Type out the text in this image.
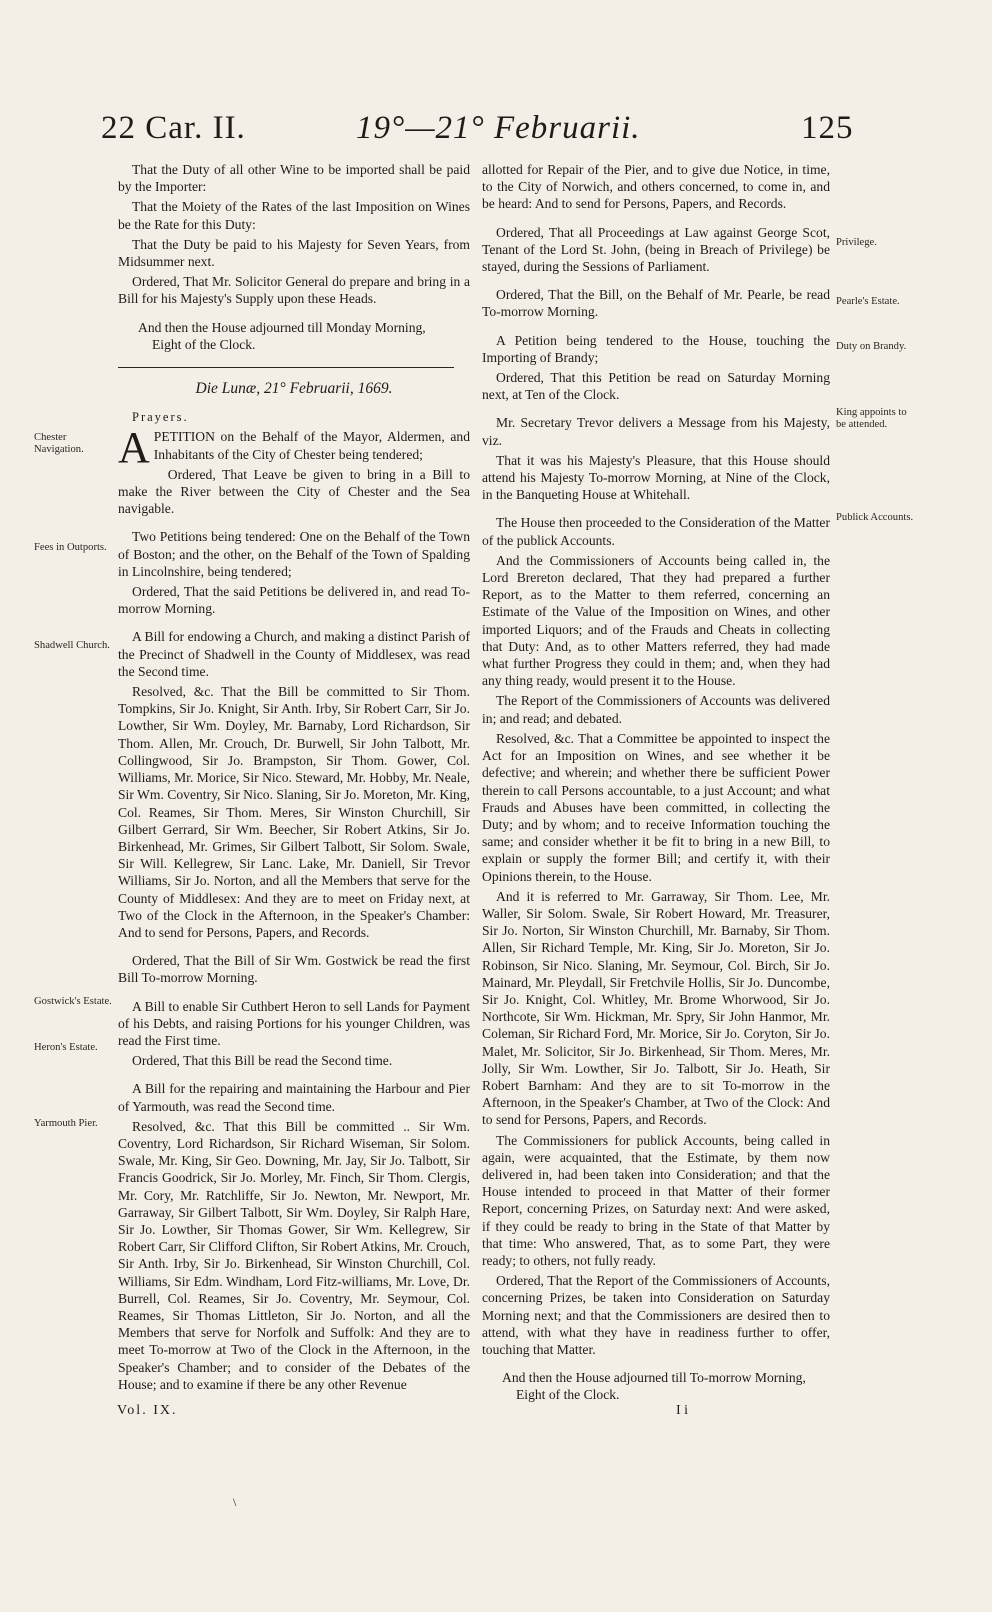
22 Car. II.	19°—21° Februarii.	125

That the Duty of all other Wine to be imported shall be paid by the Importer:

That the Moiety of the Rates of the last Imposition on Wines be the Rate for this Duty:

That the Duty be paid to his Majesty for Seven Years, from Midsummer next.

Ordered, That Mr. Solicitor General do prepare and bring in a Bill for his Majesty's Supply upon these Heads.

And then the House adjourned till Monday Morning, Eight of the Clock.

Die Lunæ, 21° Februarii, 1669.
Prayers.

APETITION on the Behalf of the Mayor, Aldermen, and Inhabitants of the City of Chester being tendered;

Ordered, That Leave be given to bring in a Bill to make the River between the City of Chester and the Sea navigable.

Two Petitions being tendered: One on the Behalf of the Town of Boston; and the other, on the Behalf of the Town of Spalding in Lincolnshire, being tendered;

Ordered, That the said Petitions be delivered in, and read To-morrow Morning.

A Bill for endowing a Church, and making a distinct Parish of the Precinct of Shadwell in the County of Middlesex, was read the Second time.

Resolved, &c. That the Bill be committed to Sir Thom. Tompkins, Sir Jo. Knight, Sir Anth. Irby, Sir Robert Carr, Sir Jo. Lowther, Sir Wm. Doyley, Mr. Barnaby, Lord Richardson, Sir Thom. Allen, Mr. Crouch, Dr. Burwell, Sir John Talbott, Mr. Collingwood, Sir Jo. Brampston, Sir Thom. Gower, Col. Williams, Mr. Morice, Sir Nico. Steward, Mr. Hobby, Mr. Neale, Sir Wm. Coventry, Sir Nico. Slaning, Sir Jo. Moreton, Mr. King, Col. Reames, Sir Thom. Meres, Sir Winston Churchill, Sir Gilbert Gerrard, Sir Wm. Beecher, Sir Robert Atkins, Sir Jo. Birkenhead, Mr. Grimes, Sir Gilbert Talbott, Sir Solom. Swale, Sir Will. Kellegrew, Sir Lanc. Lake, Mr. Daniell, Sir Trevor Williams, Sir Jo. Norton, and all the Members that serve for the County of Middlesex: And they are to meet on Friday next, at Two of the Clock in the Afternoon, in the Speaker's Chamber: And to send for Persons, Papers, and Records.

Ordered, That the Bill of Sir Wm. Gostwick be read the first Bill To-morrow Morning.

A Bill to enable Sir Cuthbert Heron to sell Lands for Payment of his Debts, and raising Portions for his younger Children, was read the First time.

Ordered, That this Bill be read the Second time.

A Bill for the repairing and maintaining the Harbour and Pier of Yarmouth, was read the Second time.

Resolved, &c. That this Bill be committed .. Sir Wm. Coventry, Lord Richardson, Sir Richard Wiseman, Sir Solom. Swale, Mr. King, Sir Geo. Downing, Mr. Jay, Sir Jo. Talbott, Sir Francis Goodrick, Sir Jo. Morley, Mr. Finch, Sir Thom. Clergis, Mr. Cory, Mr. Ratchliffe, Sir Jo. Newton, Mr. Newport, Mr. Garraway, Sir Gilbert Talbott, Sir Wm. Doyley, Sir Ralph Hare, Sir Jo. Lowther, Sir Thomas Gower, Sir Wm. Kellegrew, Sir Robert Carr, Sir Clifford Clifton, Sir Robert Atkins, Mr. Crouch, Sir Anth. Irby, Sir Jo. Birkenhead, Sir Winston Churchill, Col. Williams, Sir Edm. Windham, Lord Fitz-williams, Mr. Love, Dr. Burrell, Col. Reames, Sir Jo. Coventry, Mr. Seymour, Col. Reames, Sir Thomas Littleton, Sir Jo. Norton, and all the Members that serve for Norfolk and Suffolk: And they are to meet To-morrow at Two of the Clock in the Afternoon, in the Speaker's Chamber; and to consider of the Debates of the House; and to examine if there be any other Revenue

allotted for Repair of the Pier, and to give due Notice, in time, to the City of Norwich, and others concerned, to come in, and be heard: And to send for Persons, Papers, and Records.

Ordered, That all Proceedings at Law against George Scot, Tenant of the Lord St. John, (being in Breach of Privilege) be stayed, during the Sessions of Parliament.

Ordered, That the Bill, on the Behalf of Mr. Pearle, be read To-morrow Morning.

A Petition being tendered to the House, touching the Importing of Brandy;

Ordered, That this Petition be read on Saturday Morning next, at Ten of the Clock.

Mr. Secretary Trevor delivers a Message from his Majesty, viz.

That it was his Majesty's Pleasure, that this House should attend his Majesty To-morrow Morning, at Nine of the Clock, in the Banqueting House at Whitehall.

The House then proceeded to the Consideration of the Matter of the publick Accounts.

And the Commissioners of Accounts being called in, the Lord Brereton declared, That they had prepared a further Report, as to the Matter to them referred, concerning an Estimate of the Value of the Imposition on Wines, and other imported Liquors; and of the Frauds and Cheats in collecting that Duty: And, as to other Matters referred, they had made what further Progress they could in them; and, when they had any thing ready, would present it to the House.

The Report of the Commissioners of Accounts was delivered in; and read; and debated.

Resolved, &c. That a Committee be appointed to inspect the Act for an Imposition on Wines, and see whether it be defective; and wherein; and whether there be sufficient Power therein to call Persons accountable, to a just Account; and what Frauds and Abuses have been committed, in collecting the Duty; and by whom; and to receive Information touching the same; and consider whether it be fit to bring in a new Bill, to explain or supply the former Bill; and certify it, with their Opinions therein, to the House.

And it is referred to Mr. Garraway, Sir Thom. Lee, Mr. Waller, Sir Solom. Swale, Sir Robert Howard, Mr. Treasurer, Sir Jo. Norton, Sir Winston Churchill, Mr. Barnaby, Sir Thom. Allen, Sir Richard Temple, Mr. King, Sir Jo. Moreton, Sir Jo. Robinson, Sir Nico. Slaning, Mr. Seymour, Col. Birch, Sir Jo. Mainard, Mr. Pleydall, Sir Fretchvile Hollis, Sir Jo. Duncombe, Sir Jo. Knight, Col. Whitley, Mr. Brome Whorwood, Sir Jo. Northcote, Sir Wm. Hickman, Mr. Spry, Sir John Hanmor, Mr. Coleman, Sir Richard Ford, Mr. Morice, Sir Jo. Coryton, Sir Jo. Malet, Mr. Solicitor, Sir Jo. Birkenhead, Sir Thom. Meres, Mr. Jolly, Sir Wm. Lowther, Sir Jo. Talbott, Sir Jo. Heath, Sir Robert Barnham: And they are to sit To-morrow in the Afternoon, in the Speaker's Chamber, at Two of the Clock: And to send for Persons, Papers, and Records.

The Commissioners for publick Accounts, being called in again, were acquainted, that the Estimate, by them now delivered in, had been taken into Consideration; and that the House intended to proceed in that Matter of their former Report, concerning Prizes, on Saturday next: And were asked, if they could be ready to bring in the State of that Matter by that time: Who answered, That, as to some Part, they were ready; to others, not fully ready.

Ordered, That the Report of the Commissioners of Accounts, concerning Prizes, be taken into Consideration on Saturday Morning next; and that the Commissioners are desired then to attend, with what they have in readiness further to offer, touching that Matter.

And then the House adjourned till To-morrow Morning, Eight of the Clock.

Chester Navigation.
Fees in Outports.
Shadwell Church.
Gostwick's Estate.
Heron's Estate.
Yarmouth Pier.
Privilege.
Pearle's Estate.
Duty on Brandy.
King appoints to be attended.
Publick Accounts.
Vol. IX.	I i
\
